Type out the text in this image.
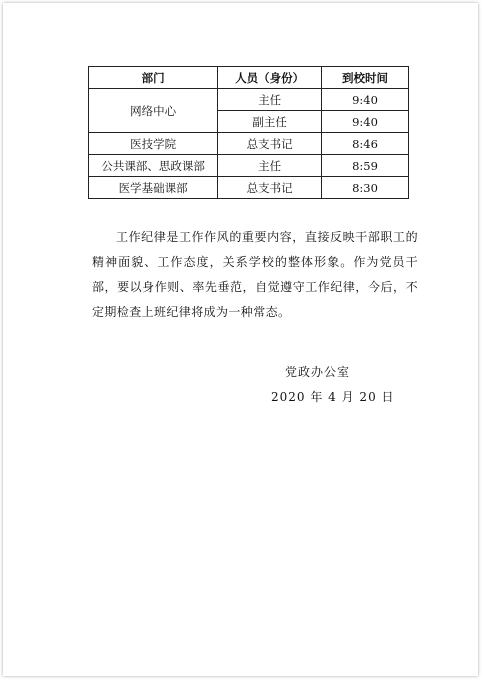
部门	人员（身份）	到校时间
网络中心	主任	9:40
	副主任	9:40
医技学院	总支书记	8:46
公共课部、思政课部	主任	8:59
医学基础课部	总支书记	8:30

工作纪律是工作作风的重要内容，直接反映干部职工的精神面貌、工作态度，关系学校的整体形象。作为党员干部，要以身作则、率先垂范，自觉遵守工作纪律，今后，不定期检查上班纪律将成为一种常态。

党政办公室
2020 年 4 月 20 日
